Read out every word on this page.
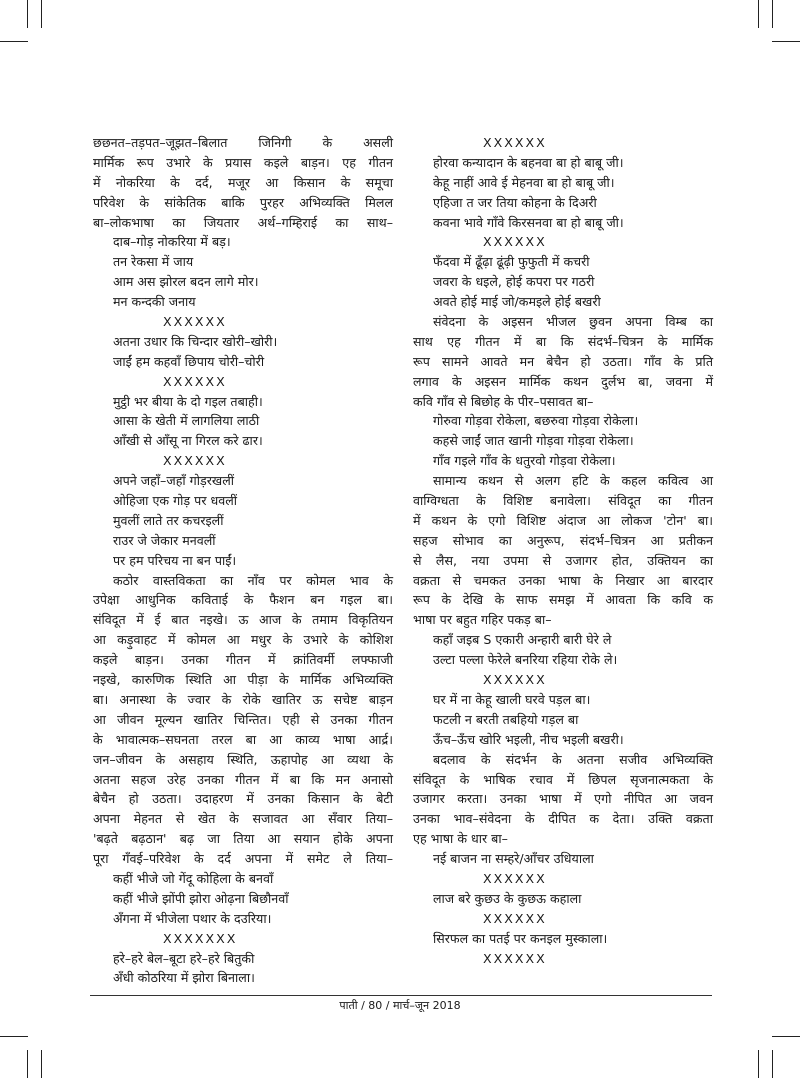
छछनत–तड़पत–जूझत–बिलात जिनिगी के असली
मार्मिक रूप उभारे के प्रयास कइले बाड़न। एह गीतन
में नोकरिया के दर्द, मजूर आ किसान के समूचा
परिवेश के सांकेतिक बाकि पुरहर अभिव्यक्ति मिलल
बा–लोकभाषा का जियतार अर्थ–गम्हिराई का साथ–
दाब–गोड़ नोकरिया में बड़।
तन रेकसा में जाय
आम अस झोरल बदन लागे मोर।
मन कन्दकी जनाय
XXXXXX
अतना उधार कि चिन्दार खोरी–खोरी।
जाईं हम कहवाँ छिपाय चोरी–चोरी
XXXXXX
मुट्ठी भर बीया के दो गइल तबाही।
आसा के खेती में लागलिया लाठी
आँखी से आँसू ना गिरल करे ढार।
XXXXXX
अपने जहाँ–जहाँ गोड़रखलीं
ओहिजा एक गोड़ पर धवलीं
मुवलीं लाते तर कचरइलीं
राउर जे जेकार मनवलीं
पर हम परिचय ना बन पाईं।
कठोर वास्तविकता का नाँव पर कोमल भाव के
उपेक्षा आधुनिक कविताई के फैशन बन गइल बा।
संविदूत में ई बात नइखे। ऊ आज के तमाम विकृतियन
आ कड़ुवाहट में कोमल आ मधुर के उभारे के कोशिश
कइले बाड़न। उनका गीतन में क्रांतिवर्मी लफ्फाजी
नइखे, कारुणिक स्थिति आ पीड़ा के मार्मिक अभिव्यक्ति
बा। अनास्था के ज्वार के रोके खातिर ऊ सचेष्ट बाड़न
आ जीवन मूल्यन खातिर चिन्तित। एही से उनका गीतन
के भावात्मक–सघनता तरल बा आ काव्य भाषा आर्द्र।
जन–जीवन के असहाय स्थिति, ऊहापोह आ व्यथा के
अतना सहज उरेह उनका गीतन में बा कि मन अनासो
बेचैन हो उठता। उदाहरण में उनका किसान के बेटी
अपना मेहनत से खेत के सजावत आ सँवार तिया–
'बढ़ते बढ़ठान' बढ़ जा तिया आ सयान होके अपना
पूरा गँवई–परिवेश के दर्द अपना में समेट ले तिया–
कहीं भीजे जो गेंदू कोहिला के बनवाँ
कहीं भीजे झोंपी झोरा ओढ़ना बिछौनवाँ
अँगना में भीजेला पथार के दउरिया।
XXXXXXX
हरे–हरे बेल–बूटा हरे–हरे बितुकी
अँधी कोठरिया में झोरा बिनाला।
XXXXXX
होरवा कन्यादान के बहनवा बा हो बाबू जी।
केहू नाहीं आवे ई मेहनवा बा हो बाबू जी।
एहिजा त जर तिया कोहना के दिअरी
कवना भावे गाँवे किरसनवा बा हो बाबू जी।
XXXXXX
फँदवा में ढूँढ़ा ढूंढ़ी फुफुती में कचरी
जवरा के धइले, होई कपरा पर गठरी
अवते होई माई जो/कमइले होई बखरी
संवेदना के अइसन भीजल छुवन अपना विम्ब का
साथ एह गीतन में बा कि संदर्भ–चित्रन के मार्मिक
रूप सामने आवते मन बेचैन हो उठता। गाँव के प्रति
लगाव के अइसन मार्मिक कथन दुर्लभ बा, जवना में
कवि गाँव से बिछोह के पीर–पसावत बा–
गोरुवा गोड़वा रोकेला, बछरुवा गोड़वा रोकेला।
कहसे जाईं जात खानी गोड़वा गोड़वा रोकेला।
गाँव गइले गाँव के धतुरवो गोड़वा रोकेला।
सामान्य कथन से अलग हटि के कहल कवित्व आ
वाग्विग्धता के विशिष्ट बनावेला। संविदूत का गीतन
में कथन के एगो विशिष्ट अंदाज आ लोकज 'टोन' बा।
सहज सोभाव का अनुरूप, संदर्भ–चित्रन आ प्रतीकन
से लैस, नया उपमा से उजागर होत, उक्तियन का
वक्रता से चमकत उनका भाषा के निखार आ बारदार
रूप के देखि के साफ समझ में आवता कि कवि क
भाषा पर बहुत गहिर पकड़ बा–
कहाँ जइब S एकारी अन्हारी बारी घेरे ले
उल्टा पल्ला फेरेले बनरिया रहिया रोके ले।
XXXXXX
घर में ना केहू खाली घरवे पड़ल बा।
फटली न बरती तबहियो गड़ल बा
ऊँच–ऊँच खोरि भइली, नीच भइली बखरी।
बदलाव के संदर्भन के अतना सजीव अभिव्यक्ति
संविदूत के भाषिक रचाव में छिपल सृजनात्मकता के
उजागर करता। उनका भाषा में एगो नीपित आ जवन
उनका भाव–संवेदना के दीपित क देता। उक्ति वक्रता
एह भाषा के धार बा–
नई बाजन ना सम्हरे/आँचर उधियाला
XXXXXX
लाज बरे कुछउ के कुछऊ कहाला
XXXXXX
सिरफल का पतई पर कनइल मुस्काला।
XXXXXX
पाती / 80 / मार्च–जून 2018
